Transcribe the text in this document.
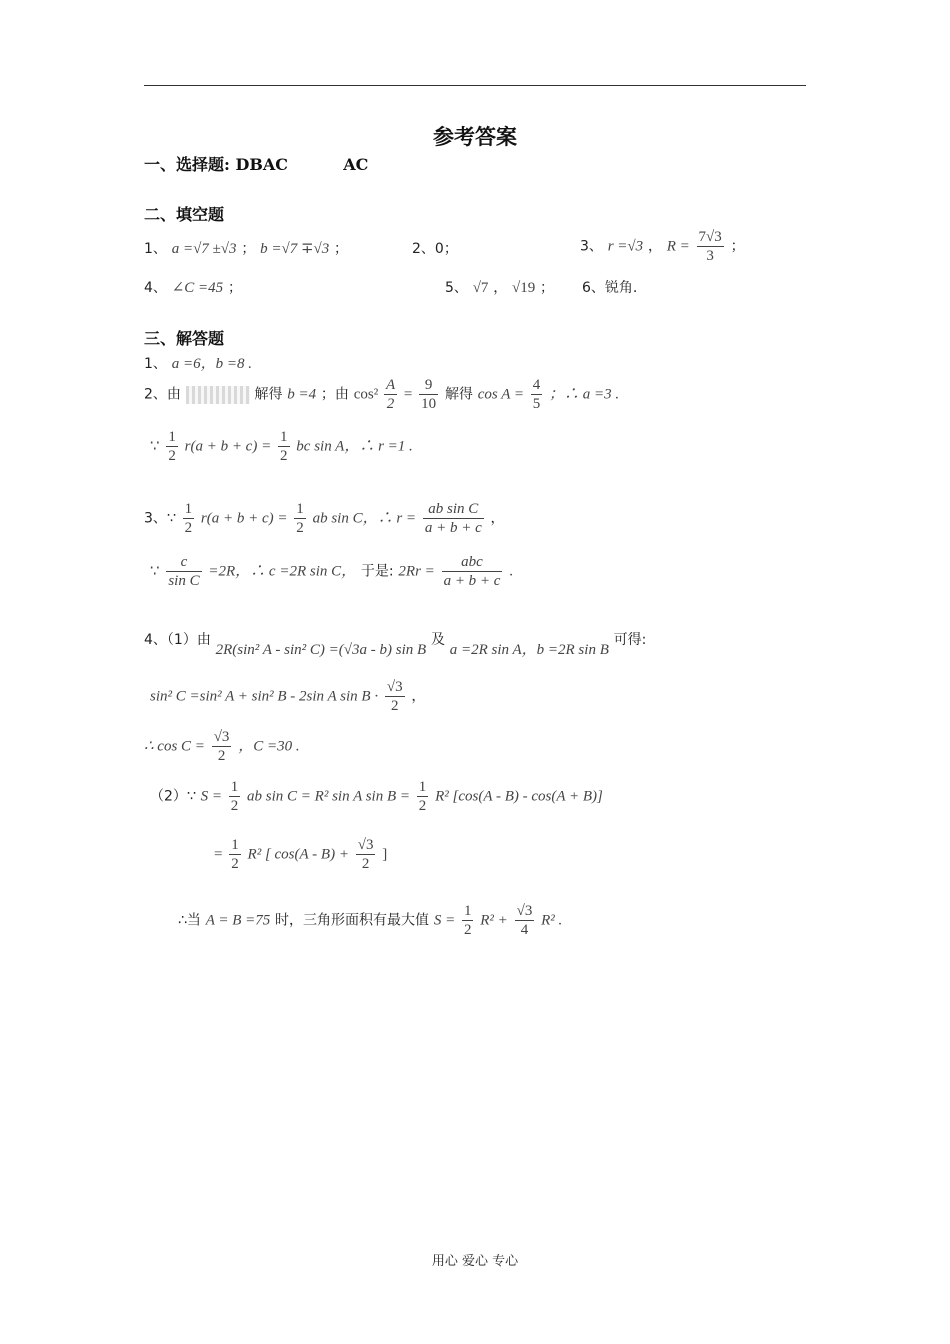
参考答案
一、选择题: DBAC	AC
二、填空题
1、 a =√7 ±√3 ； b =√7 ∓√3 ；	2、0；	3、 r =√3 ， $R = \frac{7√3}{3}$ ；
4、 ∠C =45 ；	5、 √7 ， √19 ； 6、锐角.
三、解答题
1、 a =6，b =8 .
2、由	解得 b =4 ；由 $\cos^2 \frac{A}{2} = \frac{9}{10}$ 解得 $\cos A = \frac{4}{5}$ ；∴ a =3 .
∵ $\frac{1}{2} r(a + b + c) = \frac{1}{2}$ bc sin A，∴ r =1 .
3、∵ $\frac{1}{2} r(a + b + c) = \frac{1}{2}$ ab sin C，∴ $r = \frac{\text{ab sin C}}{a + b + c}$ ，
∵ $\frac{c}{\text{sin C}} =2R$，∴ c =2R sin C， 于是: $2Rr = \frac{\text{abc}}{a + b + c}$ .
4、（1）由 2R(sin² A - sin² C) =(√3a - b) sin B 及 a =2R sin A，b =2R sin B 可得:
sin² C =sin² A + sin² B - 2sin A $\sin B \cdot \frac{√3}{2}$ ，
∴ $\cos C = \frac{√3}{2}$ ，C =30 .
（2）∵ $S = \frac{1}{2}$ ab sin C = R² sin A $\sin B = \frac{1}{2} R^2$ [cos(A - B) - cos(A + B)]
= $\frac{1}{2} R^2$ [ $\cos(A - B) + \frac{√3}{2}$ ]
∴当 A = B =75 时，三角形面积有最大值 $S = \frac{1}{2} R^2 + \frac{√3}{4} R^2$ .
用心 爱心 专心
